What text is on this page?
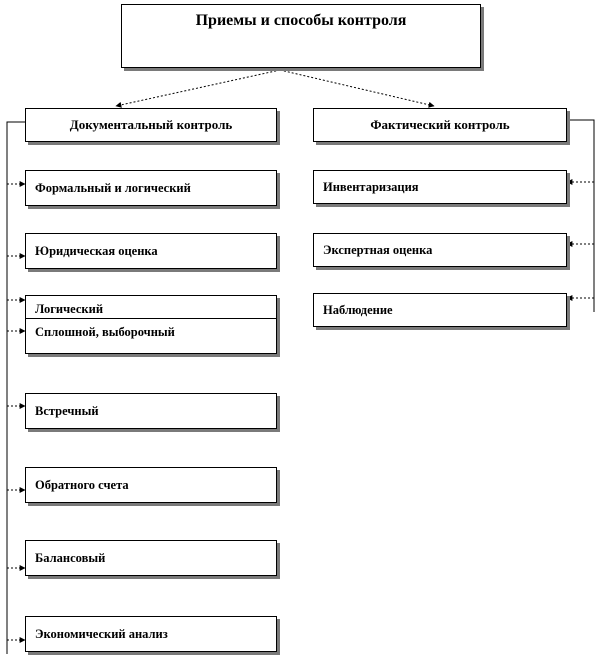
Приемы и способы контроля
Документальный контроль	Фактический контроль
Формальный и логический
Юридическая оценка
Логический
Сплошной, выборочный
Встречный
Обратного счета
Балансовый
Экономический анализ
Инвентаризация
Экспертная оценка
Наблюдение
